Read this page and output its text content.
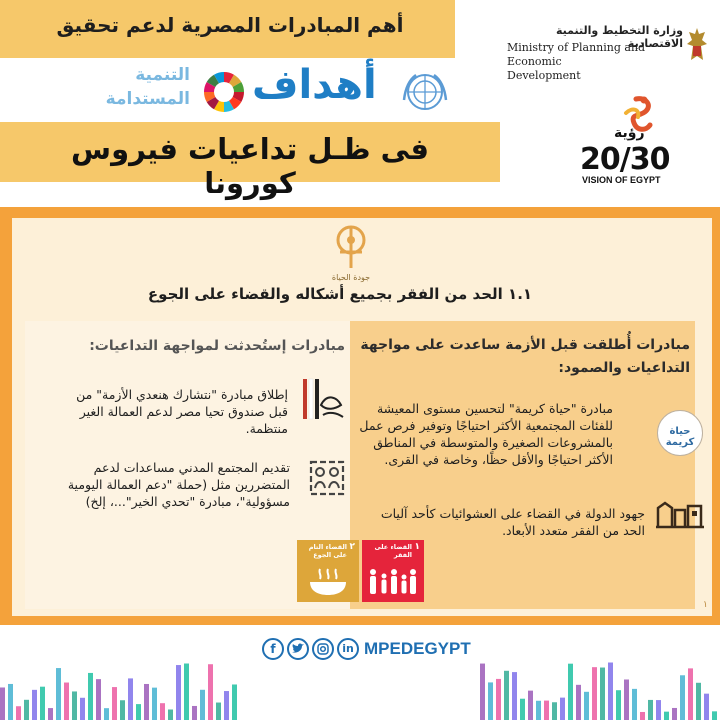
أهم المبادرات المصرية لدعم تحقيق
التنمية
المستدامة أهداف
فى ظـل تداعيات فيروس كورونا
وزارة التخطيط والتنمية الاقتصادية
Ministry of Planning and Economic
Development
رؤية
20/30
VISION OF EGYPT
جودة الحياة
١.١ الحد من الفقر بجميع أشكاله والقضاء على الجوع
مبادرات أُطلقت قبل الأزمة ساعدت على مواجهة التداعيات والصمود:
مبادرات إستُحدثت لمواجهة التداعيات:
مبادرة "حياة كريمة" لتحسين مستوى المعيشة للفئات المجتمعية الأكثر احتياجًا وتوفير فرص عمل بالمشروعات الصغيرة والمتوسطة في المناطق الأكثر احتياجًا والأقل حظًا، وخاصة في القرى.
جهود الدولة في القضاء على العشوائيات كأحد آليات الحد من الفقر متعدد الأبعاد.
إطلاق مبادرة "نتشارك هنعدي الأزمة" من قبل صندوق تحيا مصر لدعم العمالة الغير منتظمة.
تقديم المجتمع المدني مساعدات لدعم المتضررين مثل (حملة "دعم العمالة اليومية مسؤولية"، مبادرة "تحدي الخير"...، إلخ)
حياة كريمة
١
القضاء على الفقر
٢
القضاء التام على الجوع
١
f	in MPEDEGYPT
